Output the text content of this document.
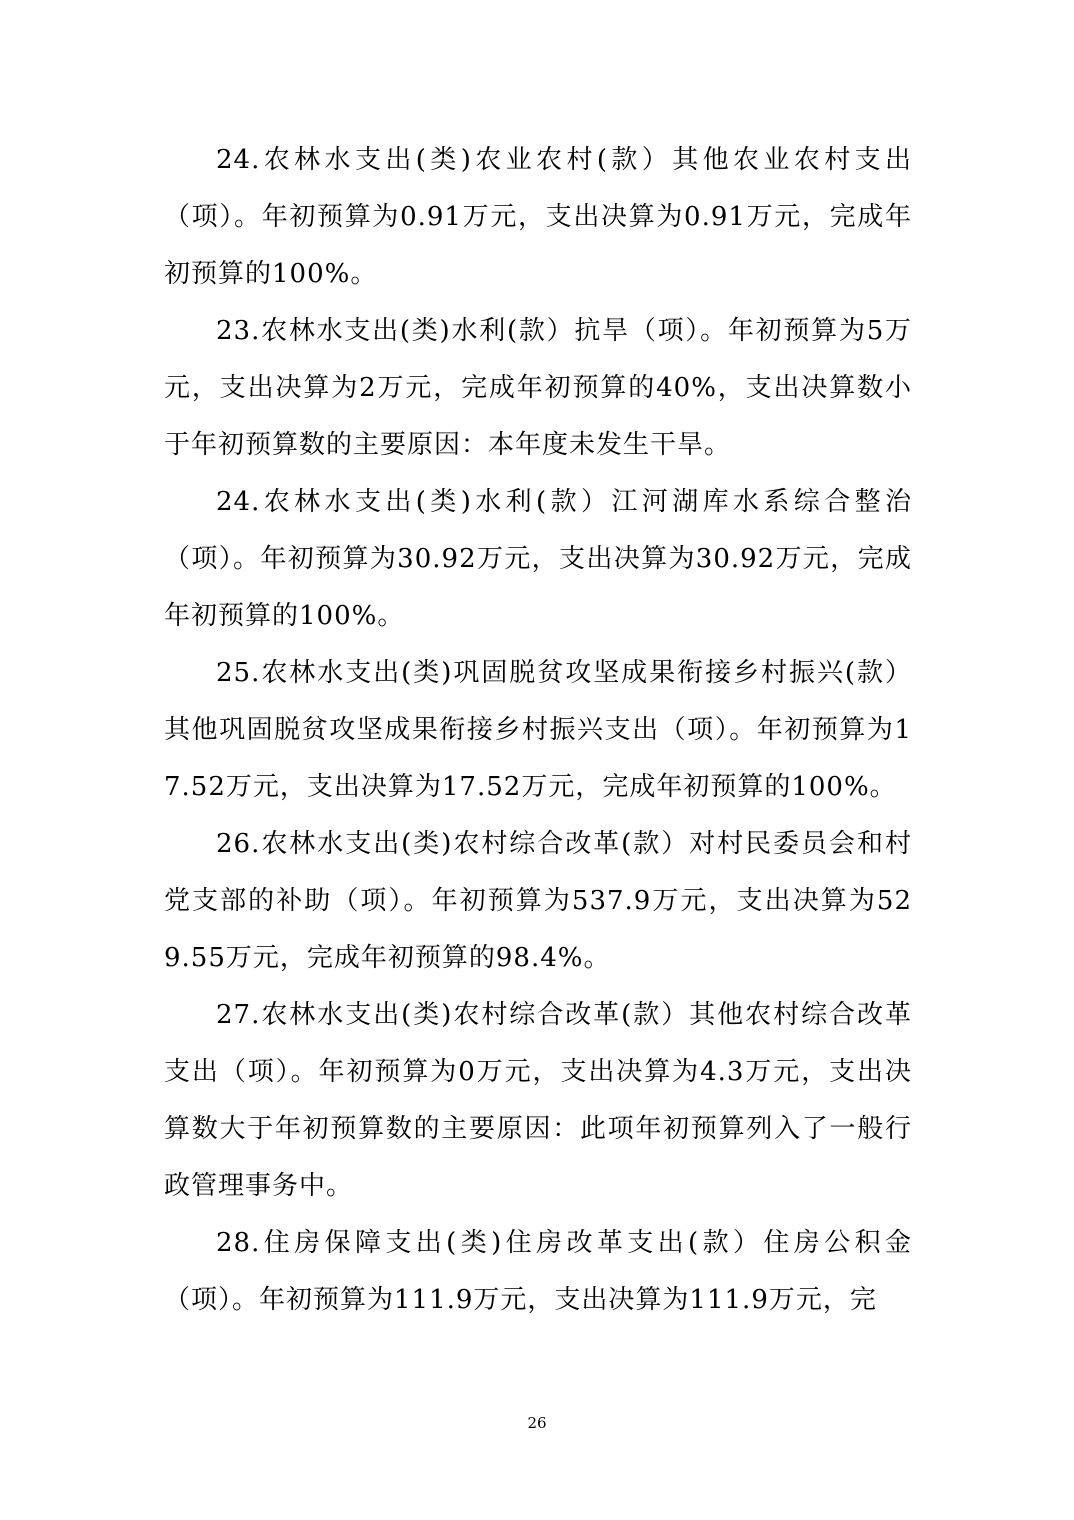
24.农林水支出(类)农业农村(款）其他农业农村支出（项）。年初预算为0.91万元，支出决算为0.91万元，完成年初预算的100%。

23.农林水支出(类)水利(款）抗旱（项）。年初预算为5万元，支出决算为2万元，完成年初预算的40%，支出决算数小于年初预算数的主要原因：本年度未发生干旱。

24.农林水支出(类)水利(款）江河湖库水系综合整治（项）。年初预算为30.92万元，支出决算为30.92万元，完成年初预算的100%。

25.农林水支出(类)巩固脱贫攻坚成果衔接乡村振兴(款）其他巩固脱贫攻坚成果衔接乡村振兴支出（项）。年初预算为17.52万元，支出决算为17.52万元，完成年初预算的100%。

26.农林水支出(类)农村综合改革(款）对村民委员会和村党支部的补助（项）。年初预算为537.9万元，支出决算为529.55万元，完成年初预算的98.4%。

27.农林水支出(类)农村综合改革(款）其他农村综合改革支出（项）。年初预算为0万元，支出决算为4.3万元，支出决算数大于年初预算数的主要原因：此项年初预算列入了一般行政管理事务中。

28.住房保障支出(类)住房改革支出(款）住房公积金（项）。年初预算为111.9万元，支出决算为111.9万元，完

26
